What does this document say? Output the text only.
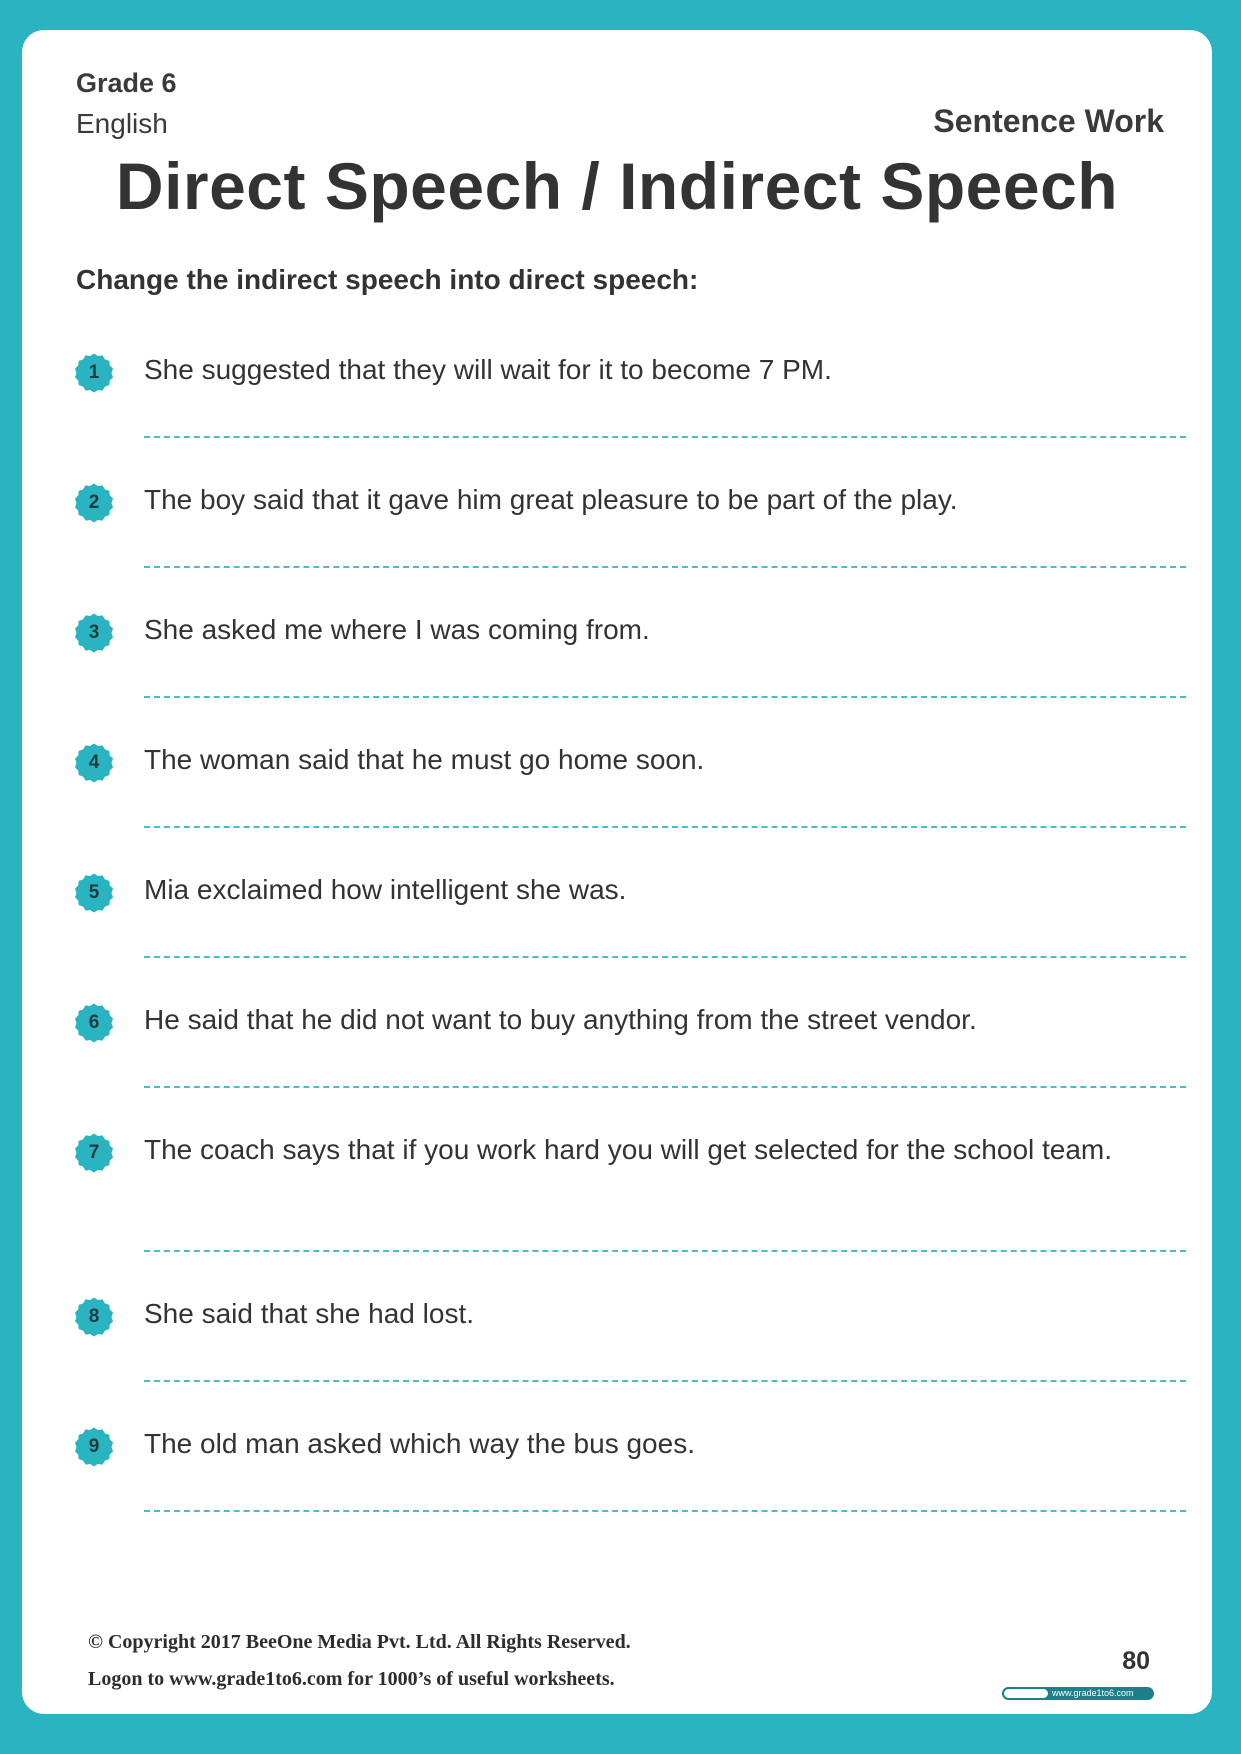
Grade 6
English	Sentence Work
Direct Speech / Indirect Speech
Change the indirect speech into direct speech:
1 She suggested that they will wait for it to become 7 PM.
2 The boy said that it gave him great pleasure to be part of the play.
3 She asked me where I was coming from.
4 The woman said that he must go home soon.
5 Mia exclaimed how intelligent she was.
6 He said that he did not want to buy anything from the street vendor.
7 The coach says that if you work hard you will get selected for the school team.
8 She said that she had lost.
9 The old man asked which way the bus goes.
© Copyright 2017 BeeOne Media Pvt. Ltd. All Rights Reserved.
Logon to www.grade1to6.com for 1000’s of useful worksheets.
80
www.grade1to6.com
